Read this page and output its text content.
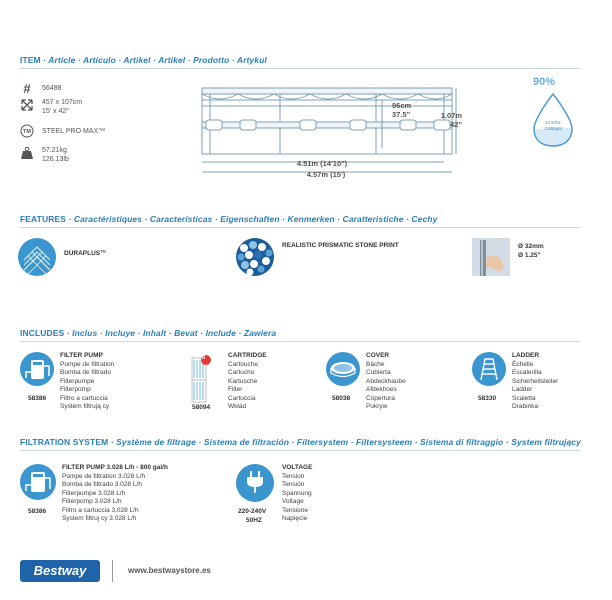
ITEM · Article · Artículo · Artikel · Artikel · Prodotto · Artykul
#	56488
457 x 107cm
15' x 42"
TM STEEL PRO MAX™
57.21kg
126.13lb
96cm
37.5"	1.07m
42"
4.51m (14'10")
4.57m (15')
90%
14.970L
3.955gal
FEATURES · Caractéristiques · Características · Eigenschaften · Kenmerken · Caratteristiche · Cechy
DURAPLUS™
REALISTIC PRISMATIC STONE PRINT	Ø 32mm
Ø 1.25"
INCLUDES · Inclus · Incluye · Inhalt · Bevat · Include · Zawiera
58386
FILTER PUMP
Pompe de filtration
Bomba de filtrado
Filterpumpe
Filterpomp
Filtro a cartuccia
System filtrują cy
II
58094
CARTRIDGE
Cartouche
Cartucho
Kartusche
Filter
Cartuccia
Wkład
58038
COVER
Bâche
Cubierta
Abdeckhaube
Afdekhoes
Copertura
Pokryw
58330
LADDER
Échelle
Escalerilla
Sicherheitsleiter
Ladder
Scaletta
Drabinka
FILTRATION SYSTEM · Système de filtrage · Sistema de filtración · Filtersystem · Filtersysteem · Sistema di filtraggio · System filtrujący
58386
FILTER PUMP 3.028 L/h - 800 gal/h
Pompe de filtration 3.028 L/h
Bomba de filtrado 3.028 L/h
Filterpumpe 3.028 L/h
Filterpomp 3.028 L/h
Filtro a cartuccia 3.028 L/h
System filtruj cy 3.028 L/h
220-240V
50HZ
VOLTAGE
Tension
Tensión
Spannung
Voltage
Tensione
Napięcie
Bestway	www.bestwaystore.es
